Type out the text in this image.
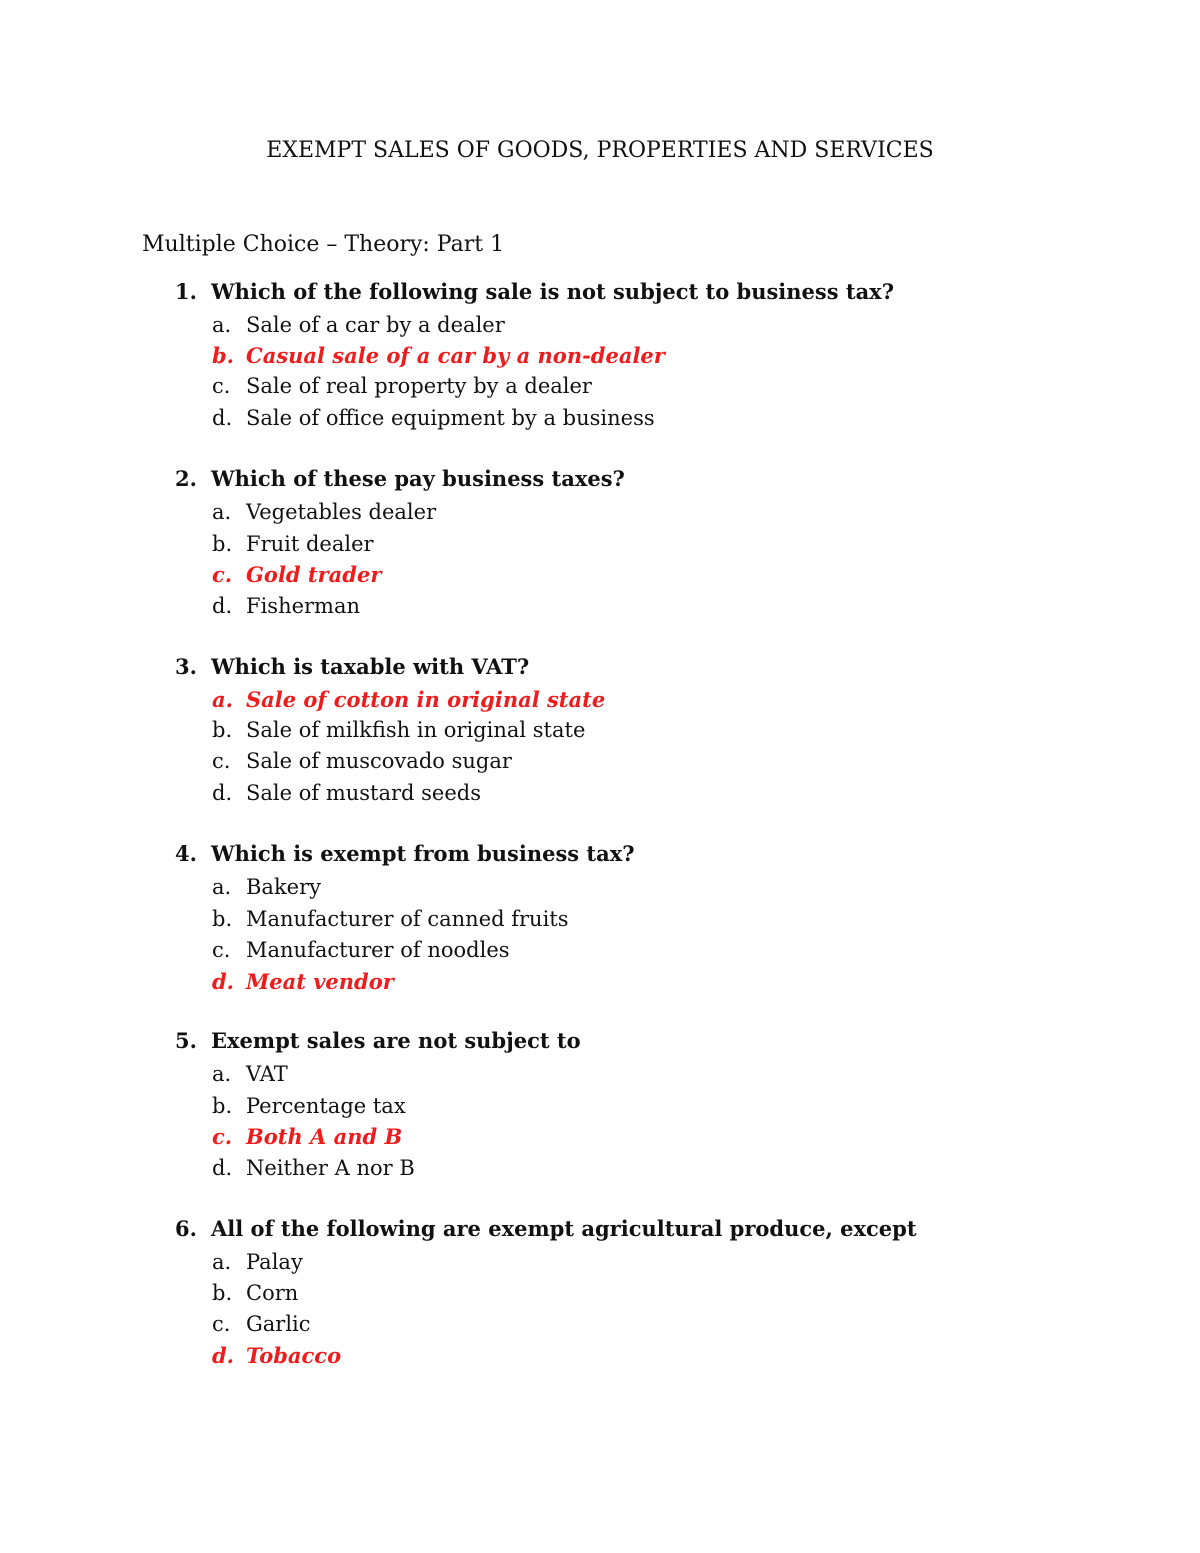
EXEMPT SALES OF GOODS, PROPERTIES AND SERVICES
Multiple Choice – Theory: Part 1
1. Which of the following sale is not subject to business tax?
a. Sale of a car by a dealer
b. Casual sale of a car by a non-dealer
c. Sale of real property by a dealer
d. Sale of office equipment by a business
2. Which of these pay business taxes?
a. Vegetables dealer
b. Fruit dealer
c. Gold trader
d. Fisherman
3. Which is taxable with VAT?
a. Sale of cotton in original state
b. Sale of milkfish in original state
c. Sale of muscovado sugar
d. Sale of mustard seeds
4. Which is exempt from business tax?
a. Bakery
b. Manufacturer of canned fruits
c. Manufacturer of noodles
d. Meat vendor
5. Exempt sales are not subject to
a. VAT
b. Percentage tax
c. Both A and B
d. Neither A nor B
6. All of the following are exempt agricultural produce, except
a. Palay
b. Corn
c. Garlic
d. Tobacco
